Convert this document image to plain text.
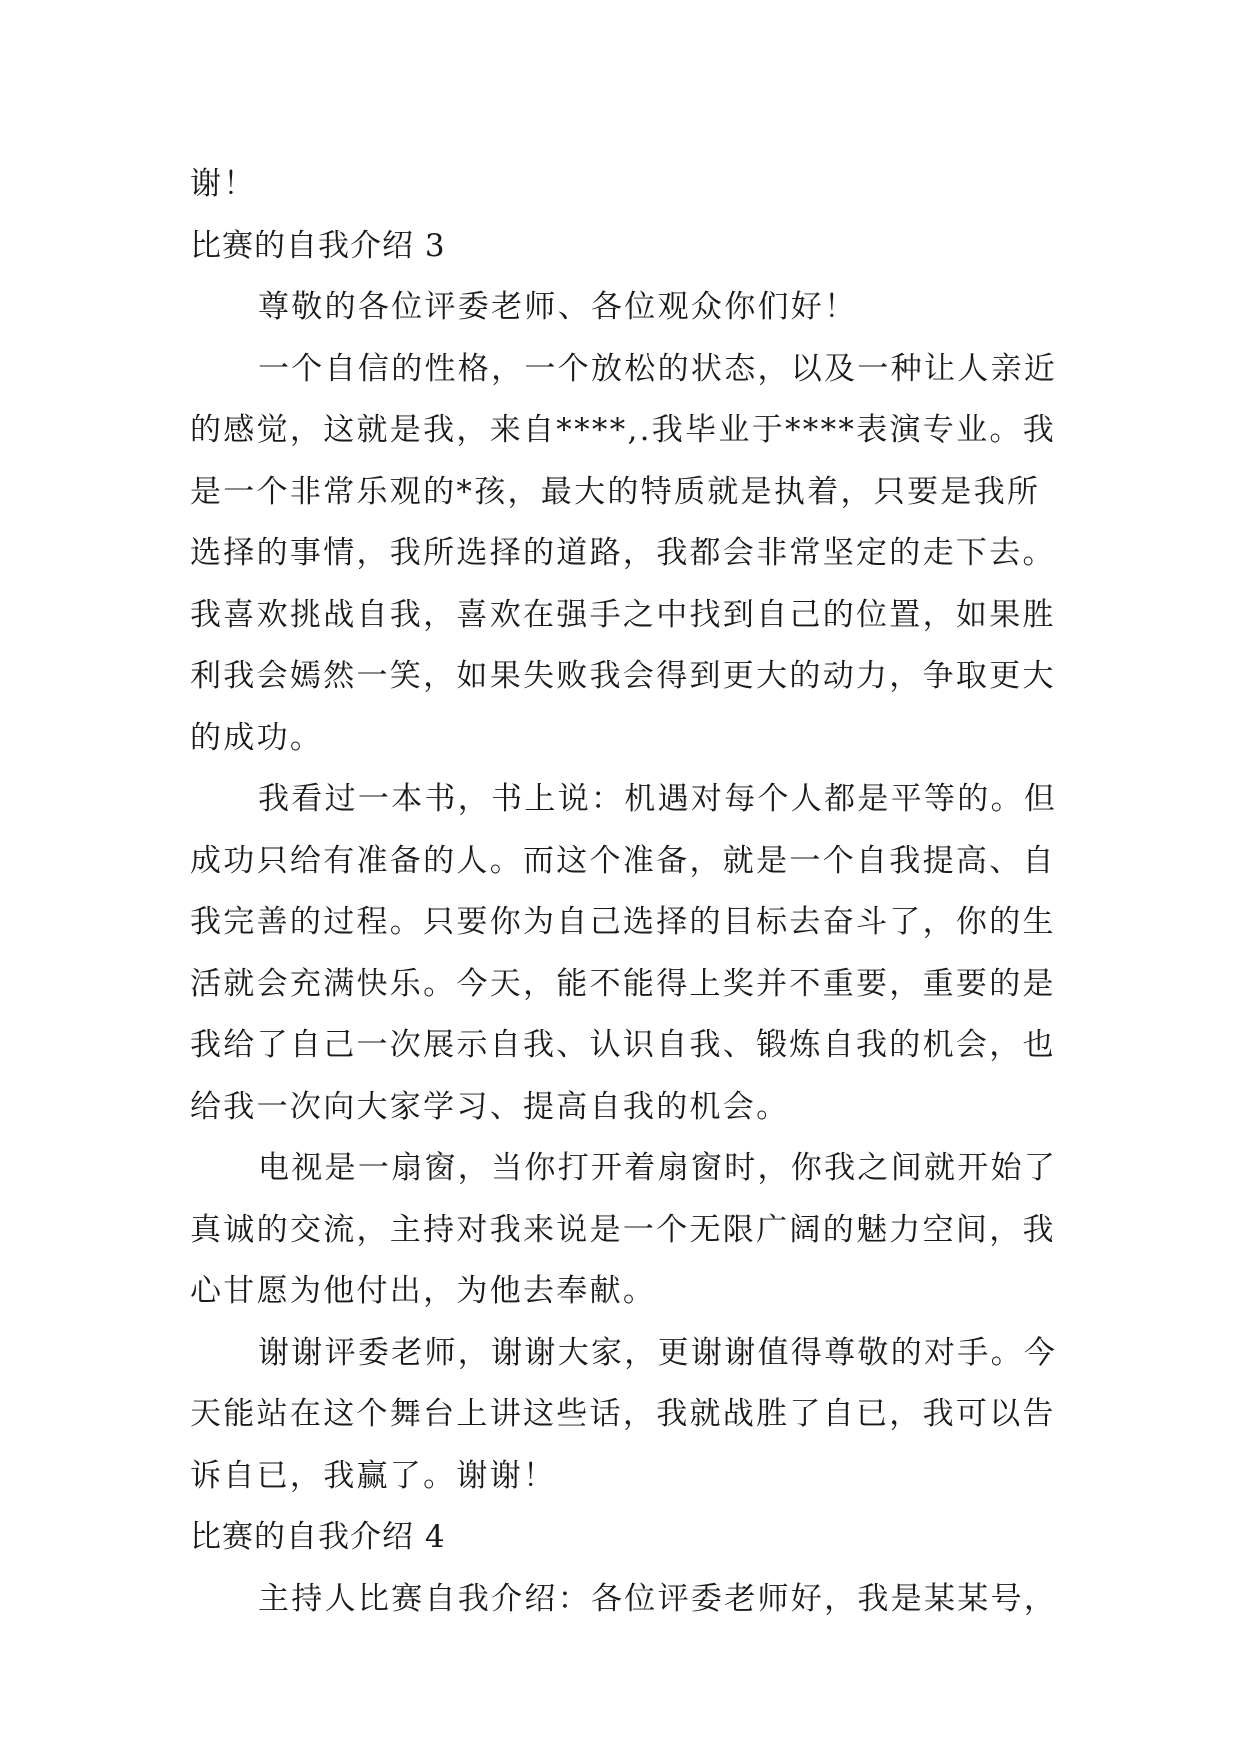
谢！

比赛的自我介绍 3

尊敬的各位评委老师、各位观众你们好！

一个自信的性格，一个放松的状态，以及一种让人亲近

的感觉，这就是我，来自****,.我毕业于****表演专业。我

是一个非常乐观的*孩，最大的特质就是执着，只要是我所

选择的事情，我所选择的道路，我都会非常坚定的走下去。

我喜欢挑战自我，喜欢在强手之中找到自己的位置，如果胜

利我会嫣然一笑，如果失败我会得到更大的动力，争取更大

的成功。

我看过一本书，书上说：机遇对每个人都是平等的。但

成功只给有准备的人。而这个准备，就是一个自我提高、自

我完善的过程。只要你为自己选择的目标去奋斗了，你的生

活就会充满快乐。今天，能不能得上奖并不重要，重要的是

我给了自己一次展示自我、认识自我、锻炼自我的机会，也

给我一次向大家学习、提高自我的机会。

电视是一扇窗，当你打开着扇窗时，你我之间就开始了

真诚的交流，主持对我来说是一个无限广阔的魅力空间，我

心甘愿为他付出，为他去奉献。

谢谢评委老师，谢谢大家，更谢谢值得尊敬的对手。今

天能站在这个舞台上讲这些话，我就战胜了自已，我可以告

诉自已，我赢了。谢谢！

比赛的自我介绍 4

主持人比赛自我介绍：各位评委老师好，我是某某号，
